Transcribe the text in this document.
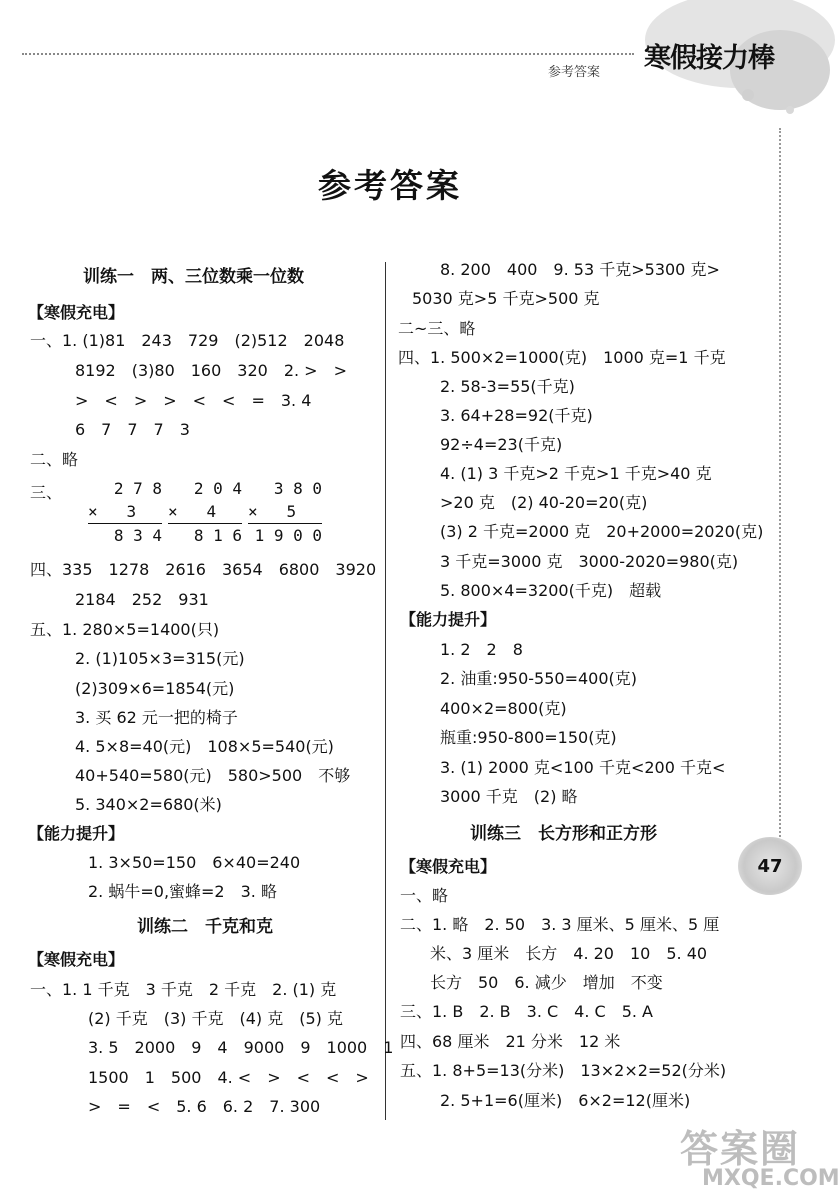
参考答案 寒假接力棒
参考答案
训练一　两、三位数乘一位数
【寒假充电】
一、1. (1)81　243　729　(2)512　2048
8192　(3)80　160　320　2. >　>
>　<　>　>　<　<　=　3. 4
6　7　7　7　3
二、略
三、	2 7 8
×   3
8 3 4
2 0 4
×   4
8 1 6
3 8 0
×   5
1 9 0 0
四、335　1278　2616　3654　6800　3920
2184　252　931
五、1. 280×5=1400(只)
2. (1)105×3=315(元)
(2)309×6=1854(元)
3. 买 62 元一把的椅子
4. 5×8=40(元)　108×5=540(元)
40+540=580(元)　580>500　不够
5. 340×2=680(米)
【能力提升】
1. 3×50=150　6×40=240
2. 蜗牛=0,蜜蜂=2　3. 略
训练二　千克和克
【寒假充电】
一、1. 1 千克　3 千克　2 千克　2. (1) 克
(2) 千克　(3) 千克　(4) 克　(5) 克
3. 5　2000　9　4　9000　9　1000　1
1500　1　500　4. <　>　<　<　>
>　=　<　5. 6　6. 2　7. 300
8. 200　400　9. 53 千克>5300 克>
5030 克>5 千克>500 克
二~三、略
四、1. 500×2=1000(克)　1000 克=1 千克
2. 58-3=55(千克)
3. 64+28=92(千克)
92÷4=23(千克)
4. (1) 3 千克>2 千克>1 千克>40 克
>20 克　(2) 40-20=20(克)
(3) 2 千克=2000 克　20+2000=2020(克)
3 千克=3000 克　3000-2020=980(克)
5. 800×4=3200(千克)　超载
【能力提升】
1. 2　2　8
2. 油重:950-550=400(克)
400×2=800(克)
瓶重:950-800=150(克)
3. (1) 2000 克<100 千克<200 千克<
3000 千克　(2) 略
训练三　长方形和正方形
【寒假充电】
一、略
二、1. 略　2. 50　3. 3 厘米、5 厘米、5 厘
米、3 厘米　长方　4. 20　10　5. 40
长方　50　6. 减少　增加　不变
三、1. B　2. B　3. C　4. C　5. A
四、68 厘米　21 分米　12 米
五、1. 8+5=13(分米)　13×2×2=52(分米)
2. 5+1=6(厘米)　6×2=12(厘米)
47
答案圈
MXQE.COM
